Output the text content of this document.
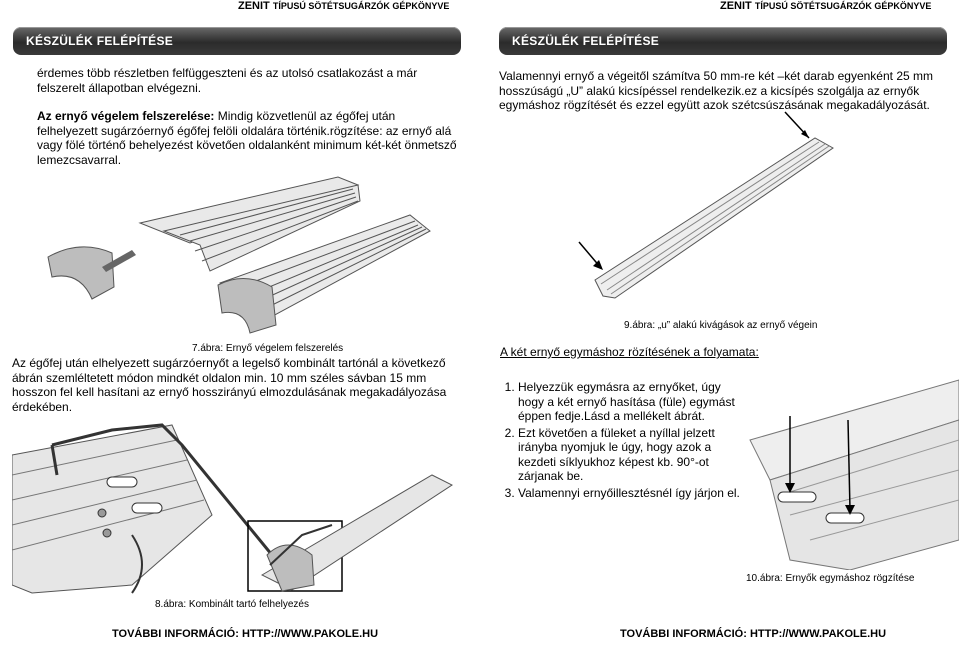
ZENIT TÍPUSÚ SÖTÉTSUGÁRZÓK GÉPKÖNYVE	ZENIT TÍPUSÚ SÖTÉTSUGÁRZÓK GÉPKÖNYVE
KÉSZÜLÉK FELÉPÍTÉSE	KÉSZÜLÉK FELÉPÍTÉSE
érdemes több részletben felfüggeszteni és az utolsó csatlakozást a már felszerelt állapotban elvégezni.
Az ernyő végelem felszerelése: Mindig közvetlenül az égőfej után felhelyezett sugárzóernyő égőfej felöli oldalára történik.rögzítése: az ernyő alá vagy fölé történő behelyezést követően oldalanként minimum két-két önmetsző lemezcsavarral.
7.ábra: Ernyő végelem felszerelés
Az égőfej után elhelyezett sugárzóernyőt a legelső kombinált tartónál a következő ábrán szemléltetett módon mindkét oldalon min. 10 mm széles sávban 15 mm hosszon fel kell hasítani az ernyő hosszirányú elmozdulásának megakadályozása érdekében.
8.ábra: Kombinált tartó felhelyezés
TOVÁBBI INFORMÁCIÓ: HTTP://WWW.PAKOLE.HU
Valamennyi ernyő a végeitől számítva 50 mm-re két –két darab egyenként 25 mm hosszúságú „U” alakú kicsípéssel rendelkezik.ez a kicsípés szolgálja az ernyők egymáshoz rögzítését és ezzel együtt azok szétcsúszásának megakadályozását.
9.ábra: „u” alakú kivágások az ernyő végein
A két ernyő egymáshoz rözítésének a folyamata:
1. Helyezzük egymásra az ernyőket, úgy hogy a két ernyő hasítása (füle) egymást éppen fedje.Lásd a mellékelt ábrát.
2. Ezt követően a füleket a nyíllal jelzett irányba nyomjuk le úgy, hogy azok a kezdeti síklyukhoz képest kb. 90°-ot zárjanak be.
3. Valamennyi ernyőillesztésnél így járjon el.
10.ábra: Ernyők egymáshoz rögzítése
TOVÁBBI INFORMÁCIÓ: HTTP://WWW.PAKOLE.HU
